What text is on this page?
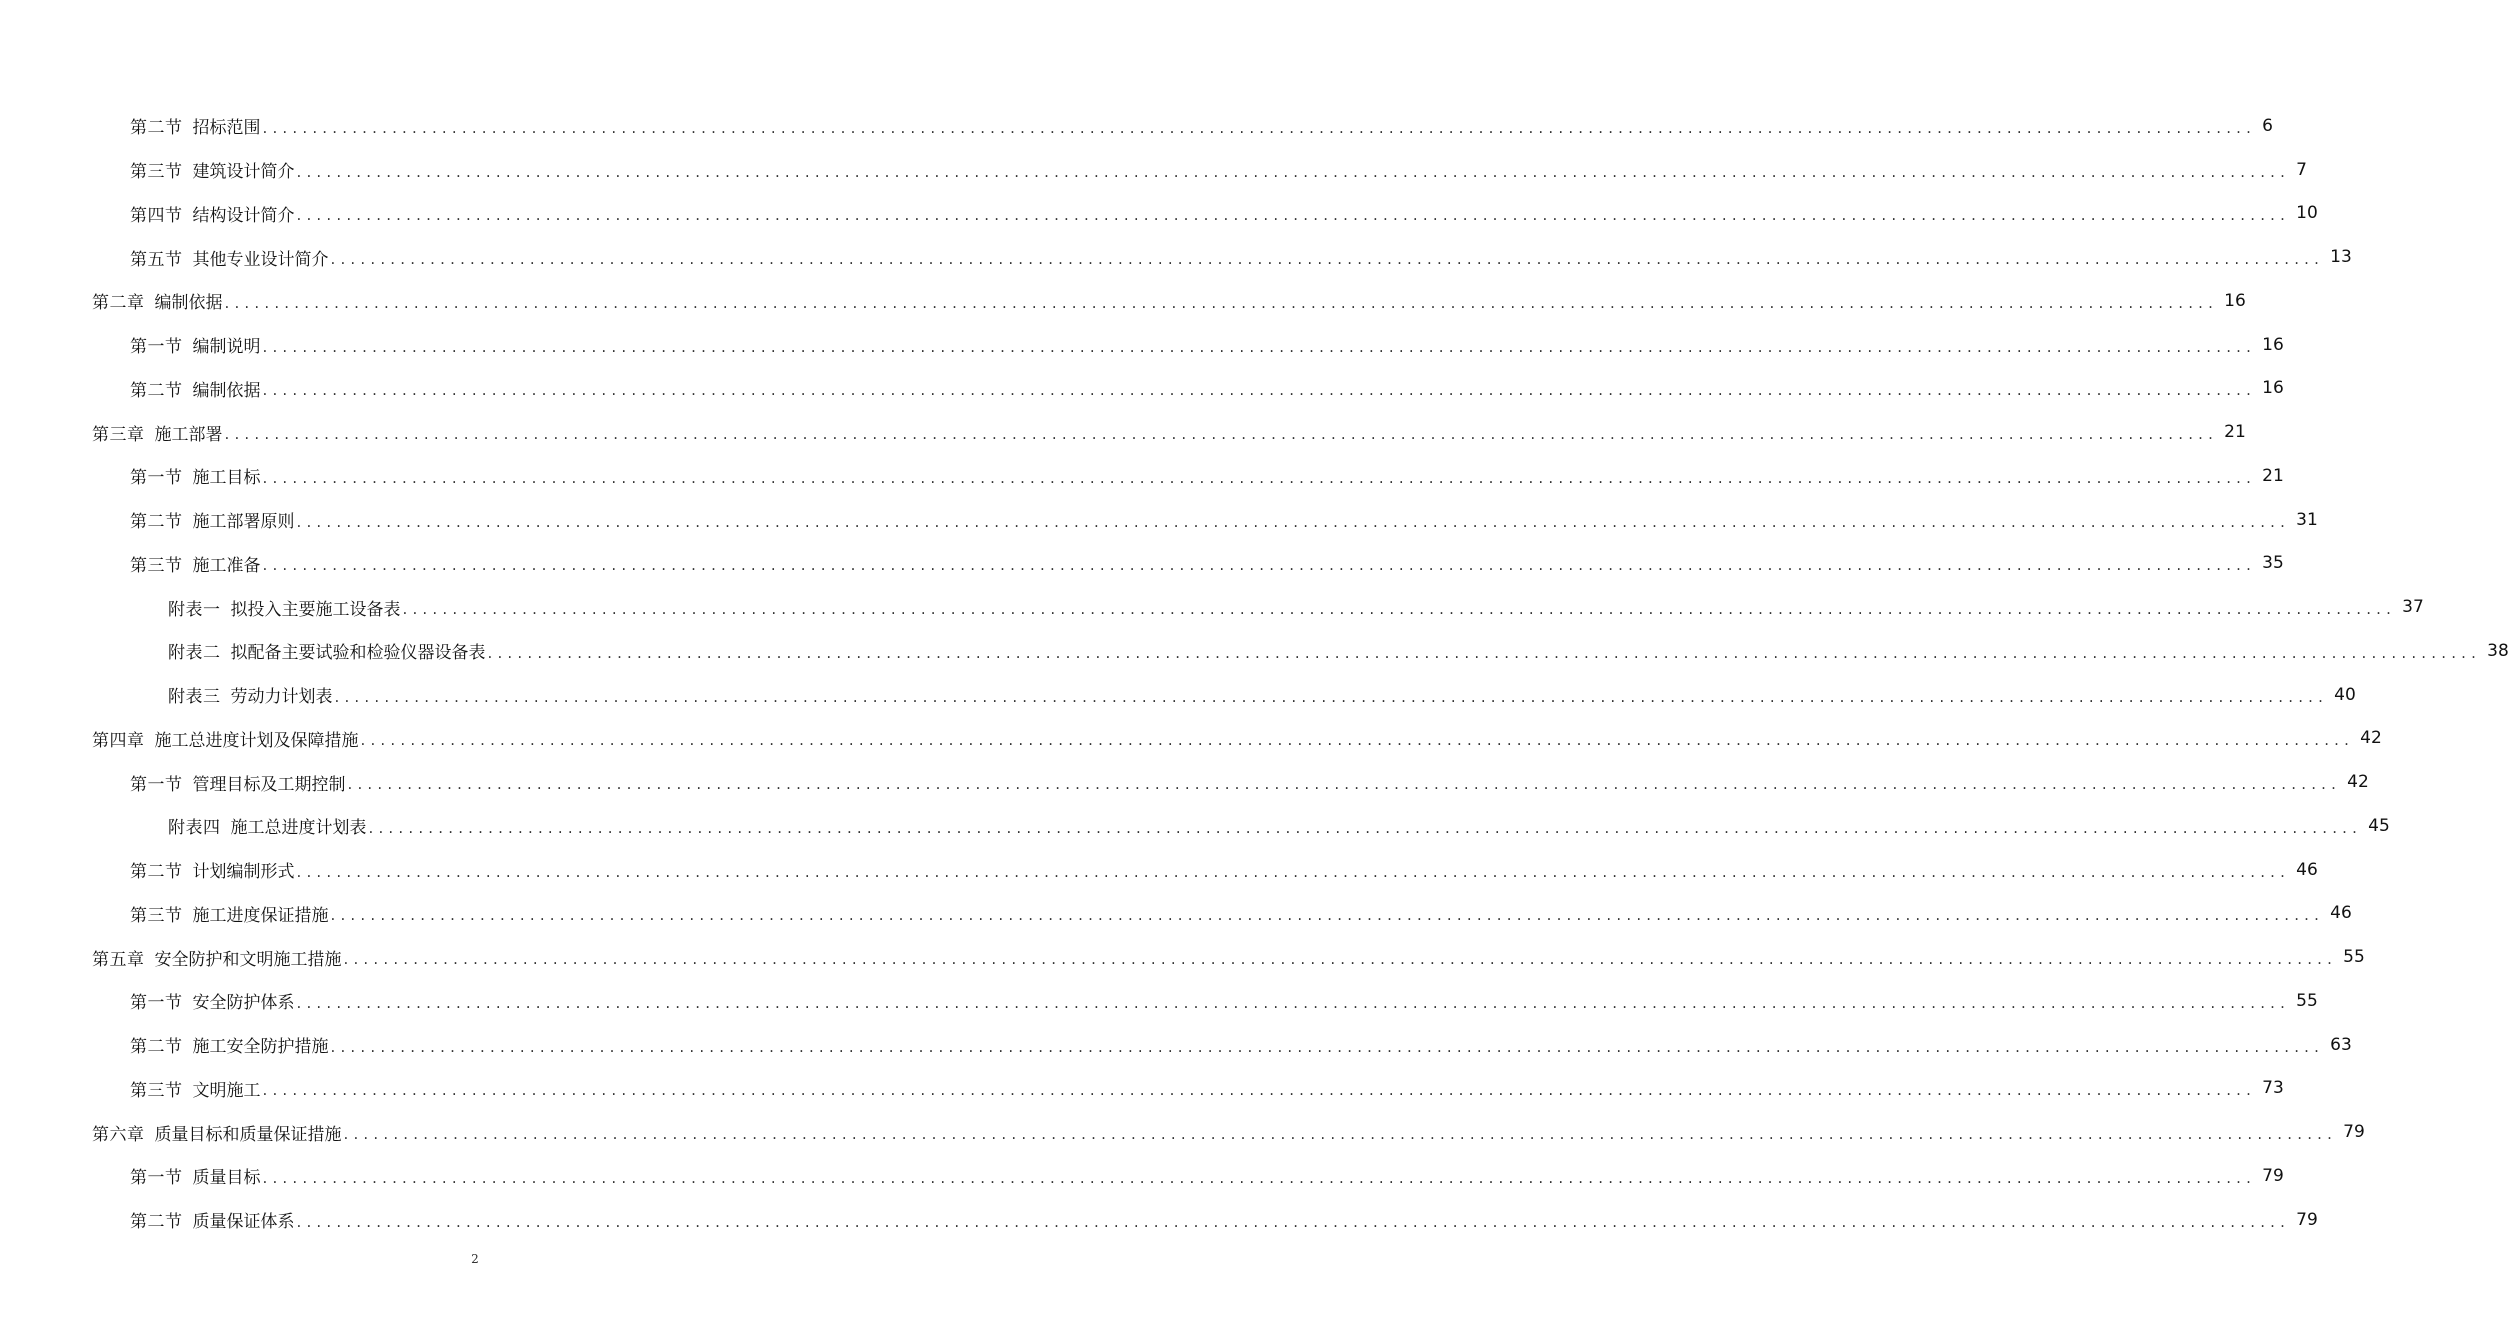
第二节 招标范围 ........................................................................................................................................................................................................ 6
第三节 建筑设计简介 ........................................................................................................................................................................................................ 7
第四节 结构设计简介 ........................................................................................................................................................................................................ 10
第五节 其他专业设计简介 ........................................................................................................................................................................................................ 13
第二章 编制依据 ........................................................................................................................................................................................................ 16
第一节 编制说明 ........................................................................................................................................................................................................ 16
第二节 编制依据 ........................................................................................................................................................................................................ 16
第三章 施工部署 ........................................................................................................................................................................................................ 21
第一节 施工目标 ........................................................................................................................................................................................................ 21
第二节 施工部署原则 ........................................................................................................................................................................................................ 31
第三节 施工准备 ........................................................................................................................................................................................................ 35
附表一 拟投入主要施工设备表 ........................................................................................................................................................................................................ 37
附表二 拟配备主要试验和检验仪器设备表 ........................................................................................................................................................................................................ 38
附表三 劳动力计划表 ........................................................................................................................................................................................................ 40
第四章 施工总进度计划及保障措施 ........................................................................................................................................................................................................ 42
第一节 管理目标及工期控制 ........................................................................................................................................................................................................ 42
附表四 施工总进度计划表 ........................................................................................................................................................................................................ 45
第二节 计划编制形式 ........................................................................................................................................................................................................ 46
第三节 施工进度保证措施 ........................................................................................................................................................................................................ 46
第五章 安全防护和文明施工措施 ........................................................................................................................................................................................................ 55
第一节 安全防护体系 ........................................................................................................................................................................................................ 55
第二节 施工安全防护措施 ........................................................................................................................................................................................................ 63
第三节 文明施工 ........................................................................................................................................................................................................ 73
第六章 质量目标和质量保证措施 ........................................................................................................................................................................................................ 79
第一节 质量目标 ........................................................................................................................................................................................................ 79
第二节 质量保证体系 ........................................................................................................................................................................................................ 79
2
